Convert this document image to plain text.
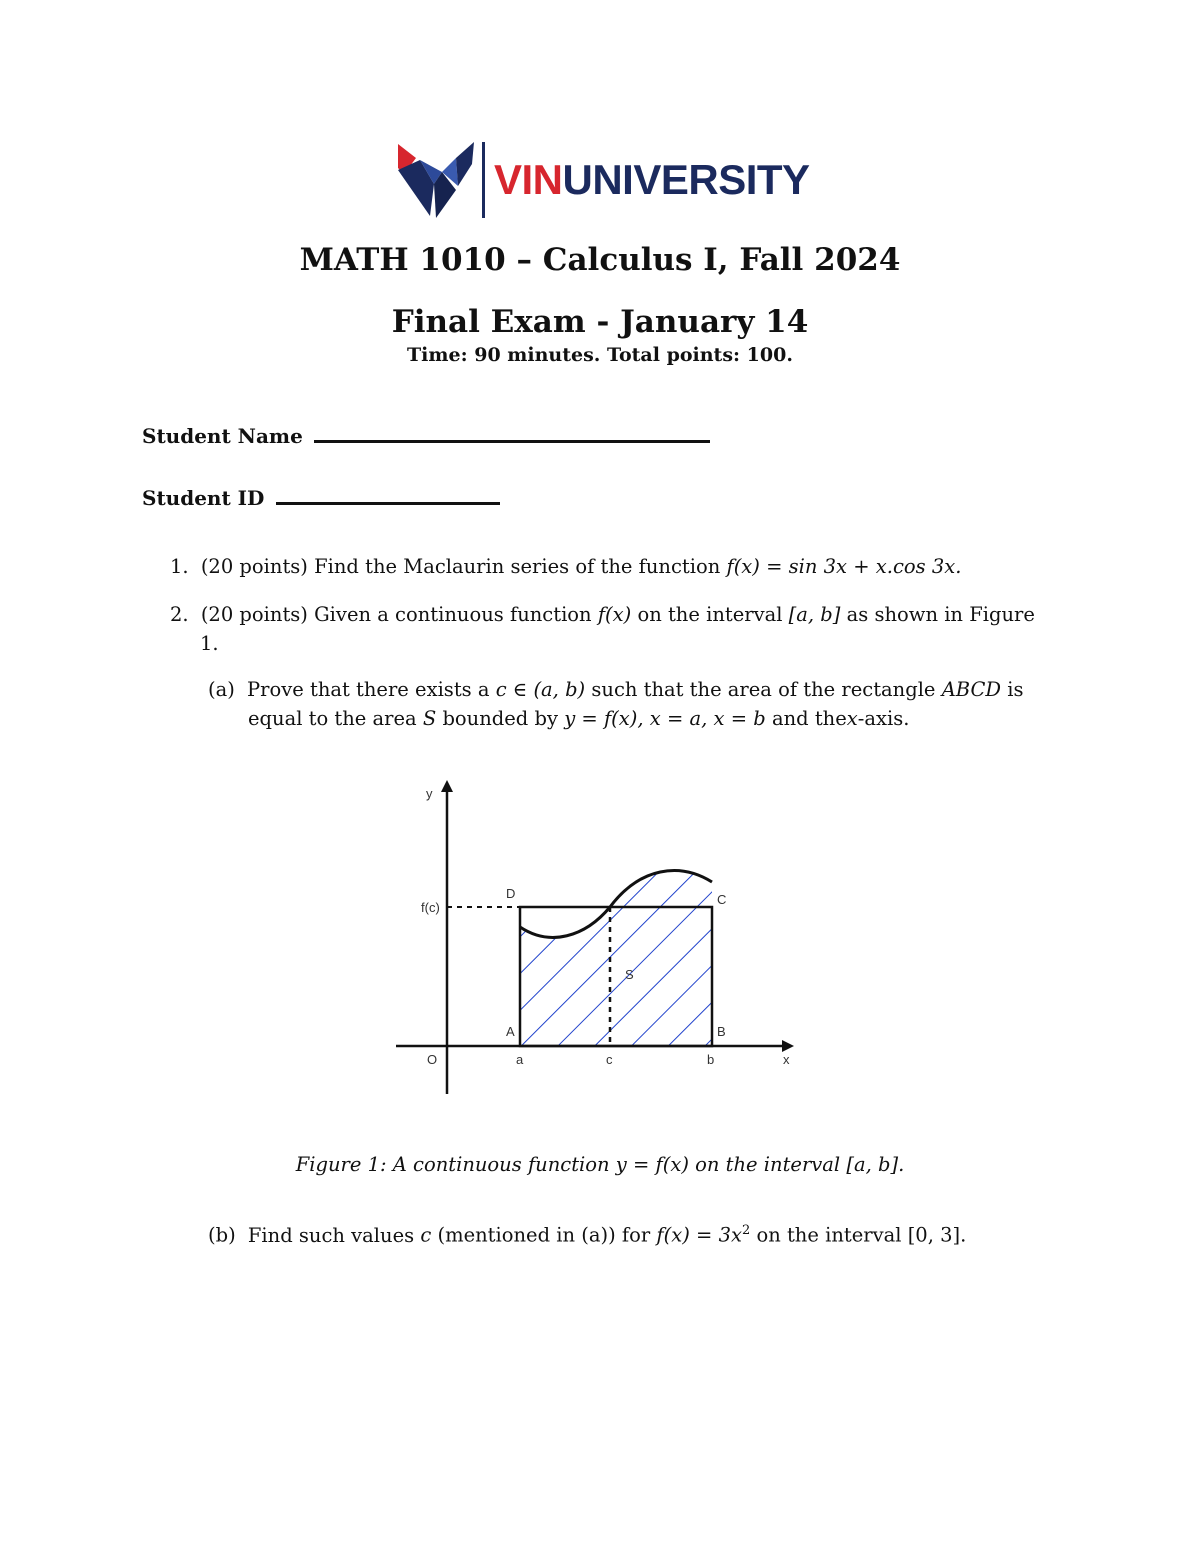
VINUNIVERSITY
MATH 1010 – Calculus I, Fall 2024
Final Exam - January 14
Time: 90 minutes. Total points: 100.
Student Name
Student ID
1. (20 points) Find the Maclaurin series of the function f(x) = sin 3x + x.cos 3x.
2. (20 points) Given a continuous function f(x) on the interval [a, b] as shown in Figure
1.
(a) Prove that there exists a c ∈ (a, b) such that the area of the rectangle ABCD is
equal to the area S bounded by y = f(x), x = a, x = b and thex-axis.
y
x
O
f(c)
D	C
A	B
S
a	c	b
Figure 1: A continuous function y = f(x) on the interval [a, b].
(b) Find such values c (mentioned in (a)) for $f(x) = 3x^2$ on the interval [0, 3].
